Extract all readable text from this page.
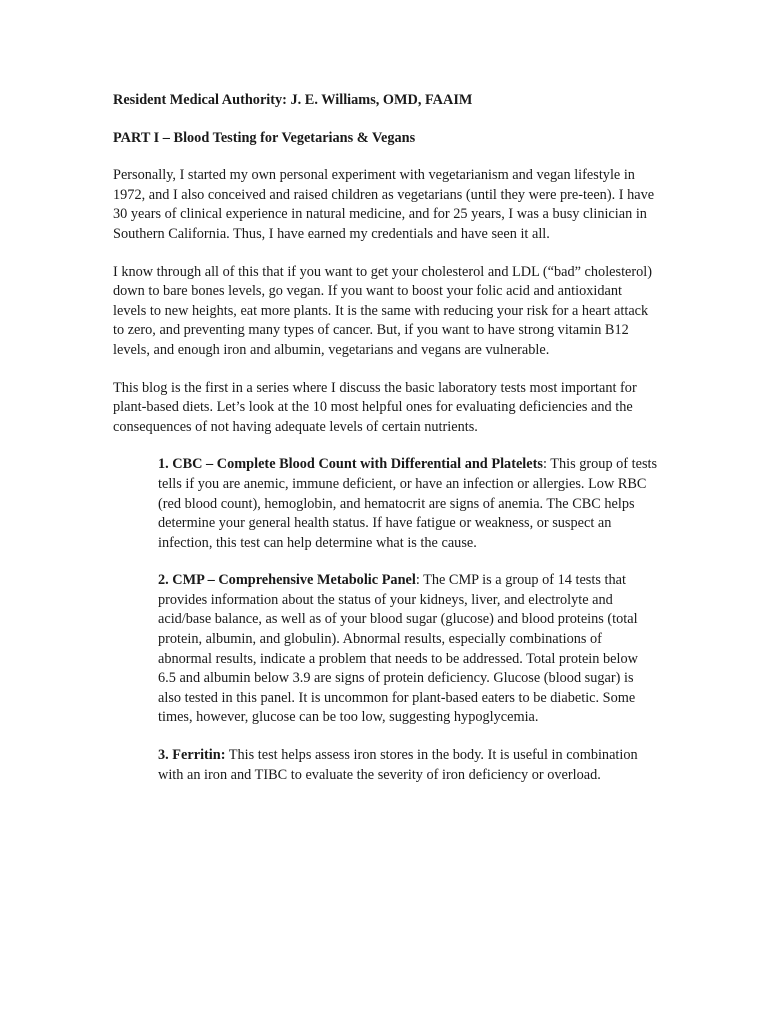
Resident Medical Authority: J. E. Williams, OMD, FAAIM
PART I – Blood Testing for Vegetarians & Vegans

Personally, I started my own personal experiment with vegetarianism and vegan lifestyle in 1972, and I also conceived and raised children as vegetarians (until they were pre-teen). I have 30 years of clinical experience in natural medicine, and for 25 years, I was a busy clinician in Southern California. Thus, I have earned my credentials and have seen it all.

I know through all of this that if you want to get your cholesterol and LDL (“bad” cholesterol) down to bare bones levels, go vegan. If you want to boost your folic acid and antioxidant levels to new heights, eat more plants. It is the same with reducing your risk for a heart attack to zero, and preventing many types of cancer. But, if you want to have strong vitamin B12 levels, and enough iron and albumin, vegetarians and vegans are vulnerable.

This blog is the first in a series where I discuss the basic laboratory tests most important for plant-based diets. Let’s look at the 10 most helpful ones for evaluating deficiencies and the consequences of not having adequate levels of certain nutrients.

1. CBC – Complete Blood Count with Differential and Platelets: This group of tests tells if you are anemic, immune deficient, or have an infection or allergies. Low RBC (red blood count), hemoglobin, and hematocrit are signs of anemia. The CBC helps determine your general health status. If have fatigue or weakness, or suspect an infection, this test can help determine what is the cause.
2. CMP – Comprehensive Metabolic Panel: The CMP is a group of 14 tests that provides information about the status of your kidneys, liver, and electrolyte and acid/base balance, as well as of your blood sugar (glucose) and blood proteins (total protein, albumin, and globulin). Abnormal results, especially combinations of abnormal results, indicate a problem that needs to be addressed. Total protein below 6.5 and albumin below 3.9 are signs of protein deficiency. Glucose (blood sugar) is also tested in this panel. It is uncommon for plant-based eaters to be diabetic. Some times, however, glucose can be too low, suggesting hypoglycemia.
3. Ferritin: This test helps assess iron stores in the body. It is useful in combination with an iron and TIBC to evaluate the severity of iron deficiency or overload.
